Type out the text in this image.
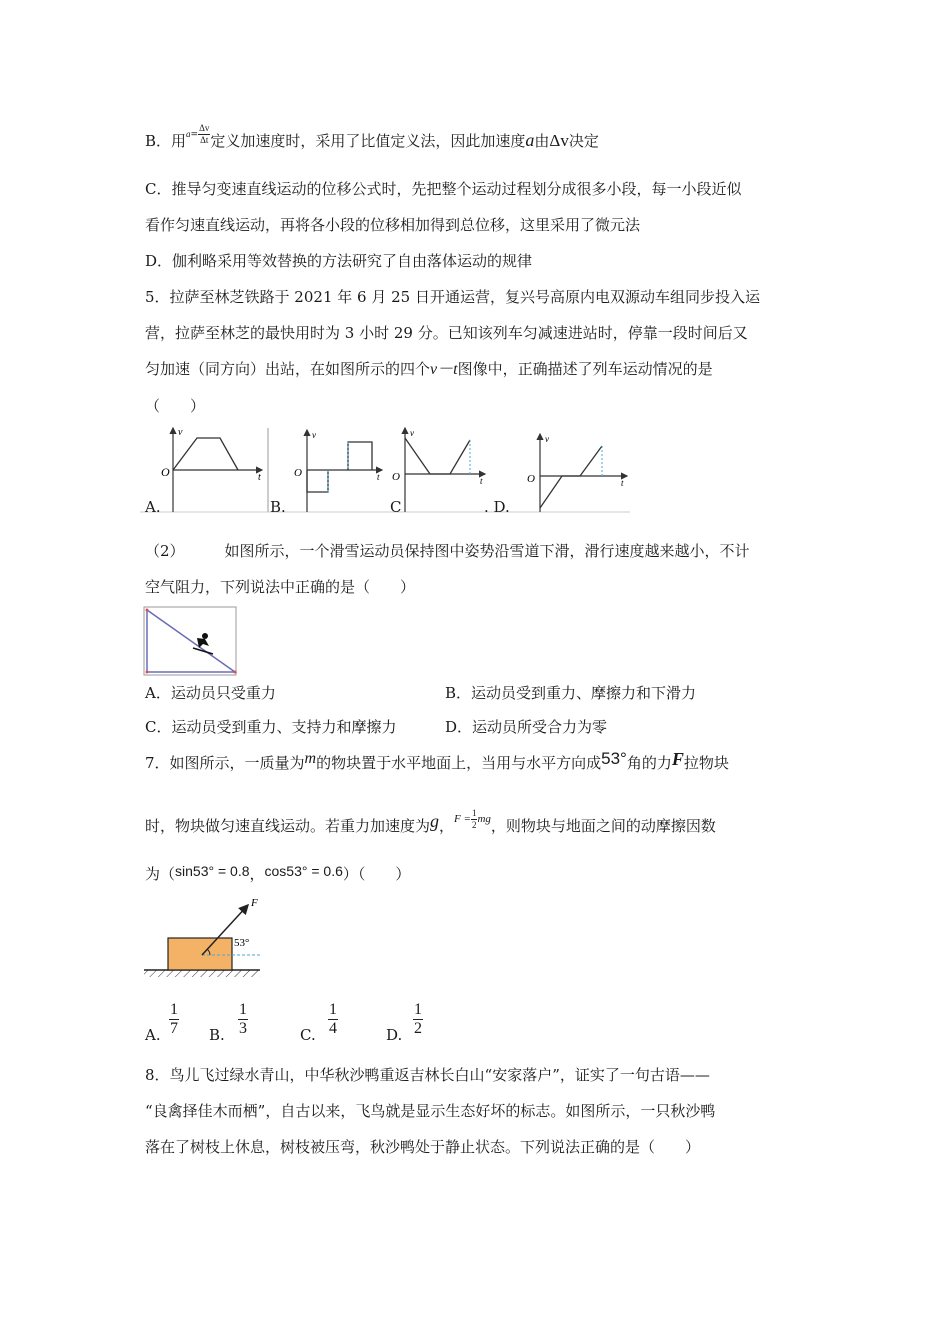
B．用$a= \frac{\Delta v}{\Delta t}$ 定义加速度时，采用了比值定义法，因此加速度a由Δv决定
C．推导匀变速直线运动的位移公式时，先把整个运动过程划分成很多小段，每一小段近似
看作匀速直线运动，再将各小段的位移相加得到总位移，这里采用了微元法
D．伽利略采用等效替换的方法研究了自由落体运动的规律
5．拉萨至林芝铁路于 2021 年 6 月 25 日开通运营，复兴号高原内电双源动车组同步投入运
营，拉萨至林芝的最快用时为 3 小时 29 分。已知该列车匀减速进站时，停靠一段时间后又
匀加速（同方向）出站，在如图所示的四个v－t图像中，正确描述了列车运动情况的是
（　　）
v
t
O
v
t
O
v
t
O
v
t
O
A.	B.	C	. D.
（2）	如图所示，一个滑雪运动员保持图中姿势沿雪道下滑，滑行速度越来越小，不计
空气阻力，下列说法中正确的是（　　）
A．运动员只受重力	B．运动员受到重力、摩擦力和下滑力
C．运动员受到重力、支持力和摩擦力	D．运动员所受合力为零
7．如图所示，一质量为m的物块置于水平地面上，当用与水平方向成53°角的力F拉物块
时，物块做匀速直线运动。若重力加速度为g，$F = \frac{1}{2}$ mg，则物块与地面之间的动摩擦因数
为（sin53° = 0.8，cos53° = 0.6）（　　）
F
53°
A. $\frac{1}{7} B$. $\frac{1}{3}$	C. $\frac{1}{4}$	D. $\frac{1}{2}$
8．鸟儿飞过绿水青山，中华秋沙鸭重返吉林长白山“安家落户”，证实了一句古语——
“良禽择佳木而栖”，自古以来，飞鸟就是显示生态好坏的标志。如图所示，一只秋沙鸭
落在了树枝上休息，树枝被压弯，秋沙鸭处于静止状态。下列说法正确的是（　　）
